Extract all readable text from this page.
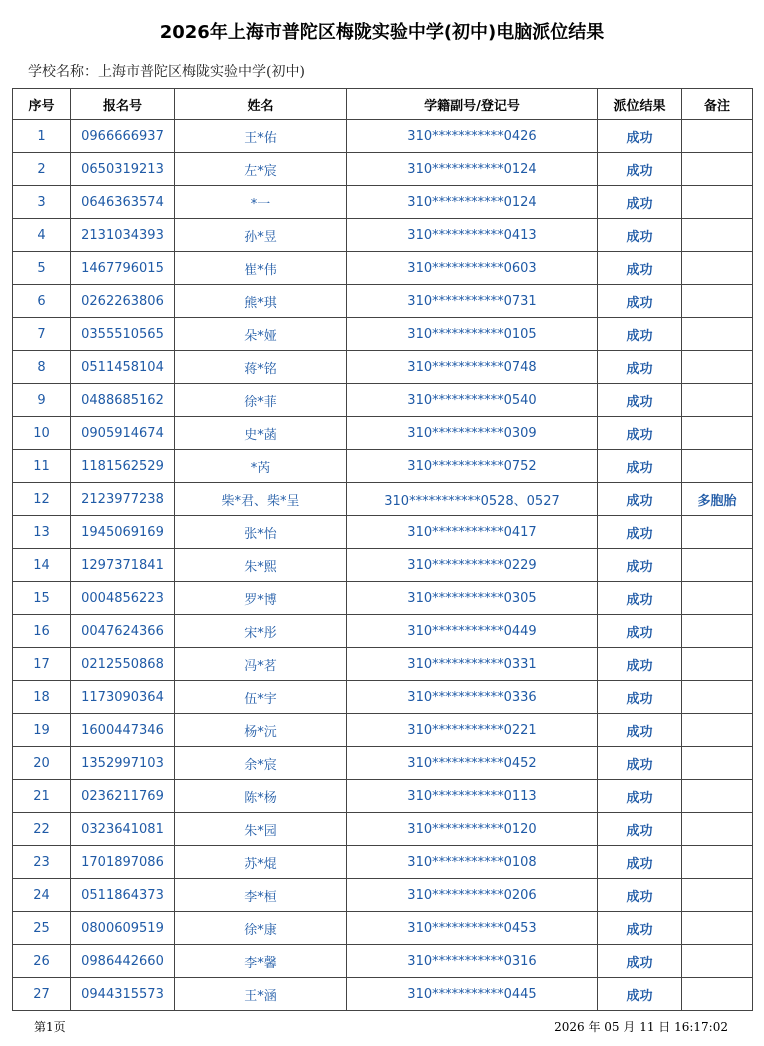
2026年上海市普陀区梅陇实验中学(初中)电脑派位结果
学校名称：上海市普陀区梅陇实验中学(初中)
序号	报名号	姓名	学籍副号/登记号	派位结果	备注
1	0966666937	王*佑	310***********0426	成功	
2	0650319213	左*宸	310***********0124	成功	
3	0646363574	*一	310***********0124	成功	
4	2131034393	孙*昱	310***********0413	成功	
5	1467796015	崔*伟	310***********0603	成功	
6	0262263806	熊*琪	310***********0731	成功	
7	0355510565	朵*娅	310***********0105	成功	
8	0511458104	蒋*铭	310***********0748	成功	
9	0488685162	徐*菲	310***********0540	成功	
10	0905914674	史*菡	310***********0309	成功	
11	1181562529	*芮	310***********0752	成功	
12	2123977238	柴*君、柴*呈	310***********0528、0527	成功	多胞胎
13	1945069169	张*怡	310***********0417	成功	
14	1297371841	朱*熙	310***********0229	成功	
15	0004856223	罗*博	310***********0305	成功	
16	0047624366	宋*彤	310***********0449	成功	
17	0212550868	冯*茗	310***********0331	成功	
18	1173090364	伍*宇	310***********0336	成功	
19	1600447346	杨*沅	310***********0221	成功	
20	1352997103	余*宸	310***********0452	成功	
21	0236211769	陈*杨	310***********0113	成功	
22	0323641081	朱*园	310***********0120	成功	
23	1701897086	苏*焜	310***********0108	成功	
24	0511864373	李*桓	310***********0206	成功	
25	0800609519	徐*康	310***********0453	成功	
26	0986442660	李*馨	310***********0316	成功	
27	0944315573	王*涵	310***********0445	成功	
第1页	2026 年 05 月 11 日 16:17:02
